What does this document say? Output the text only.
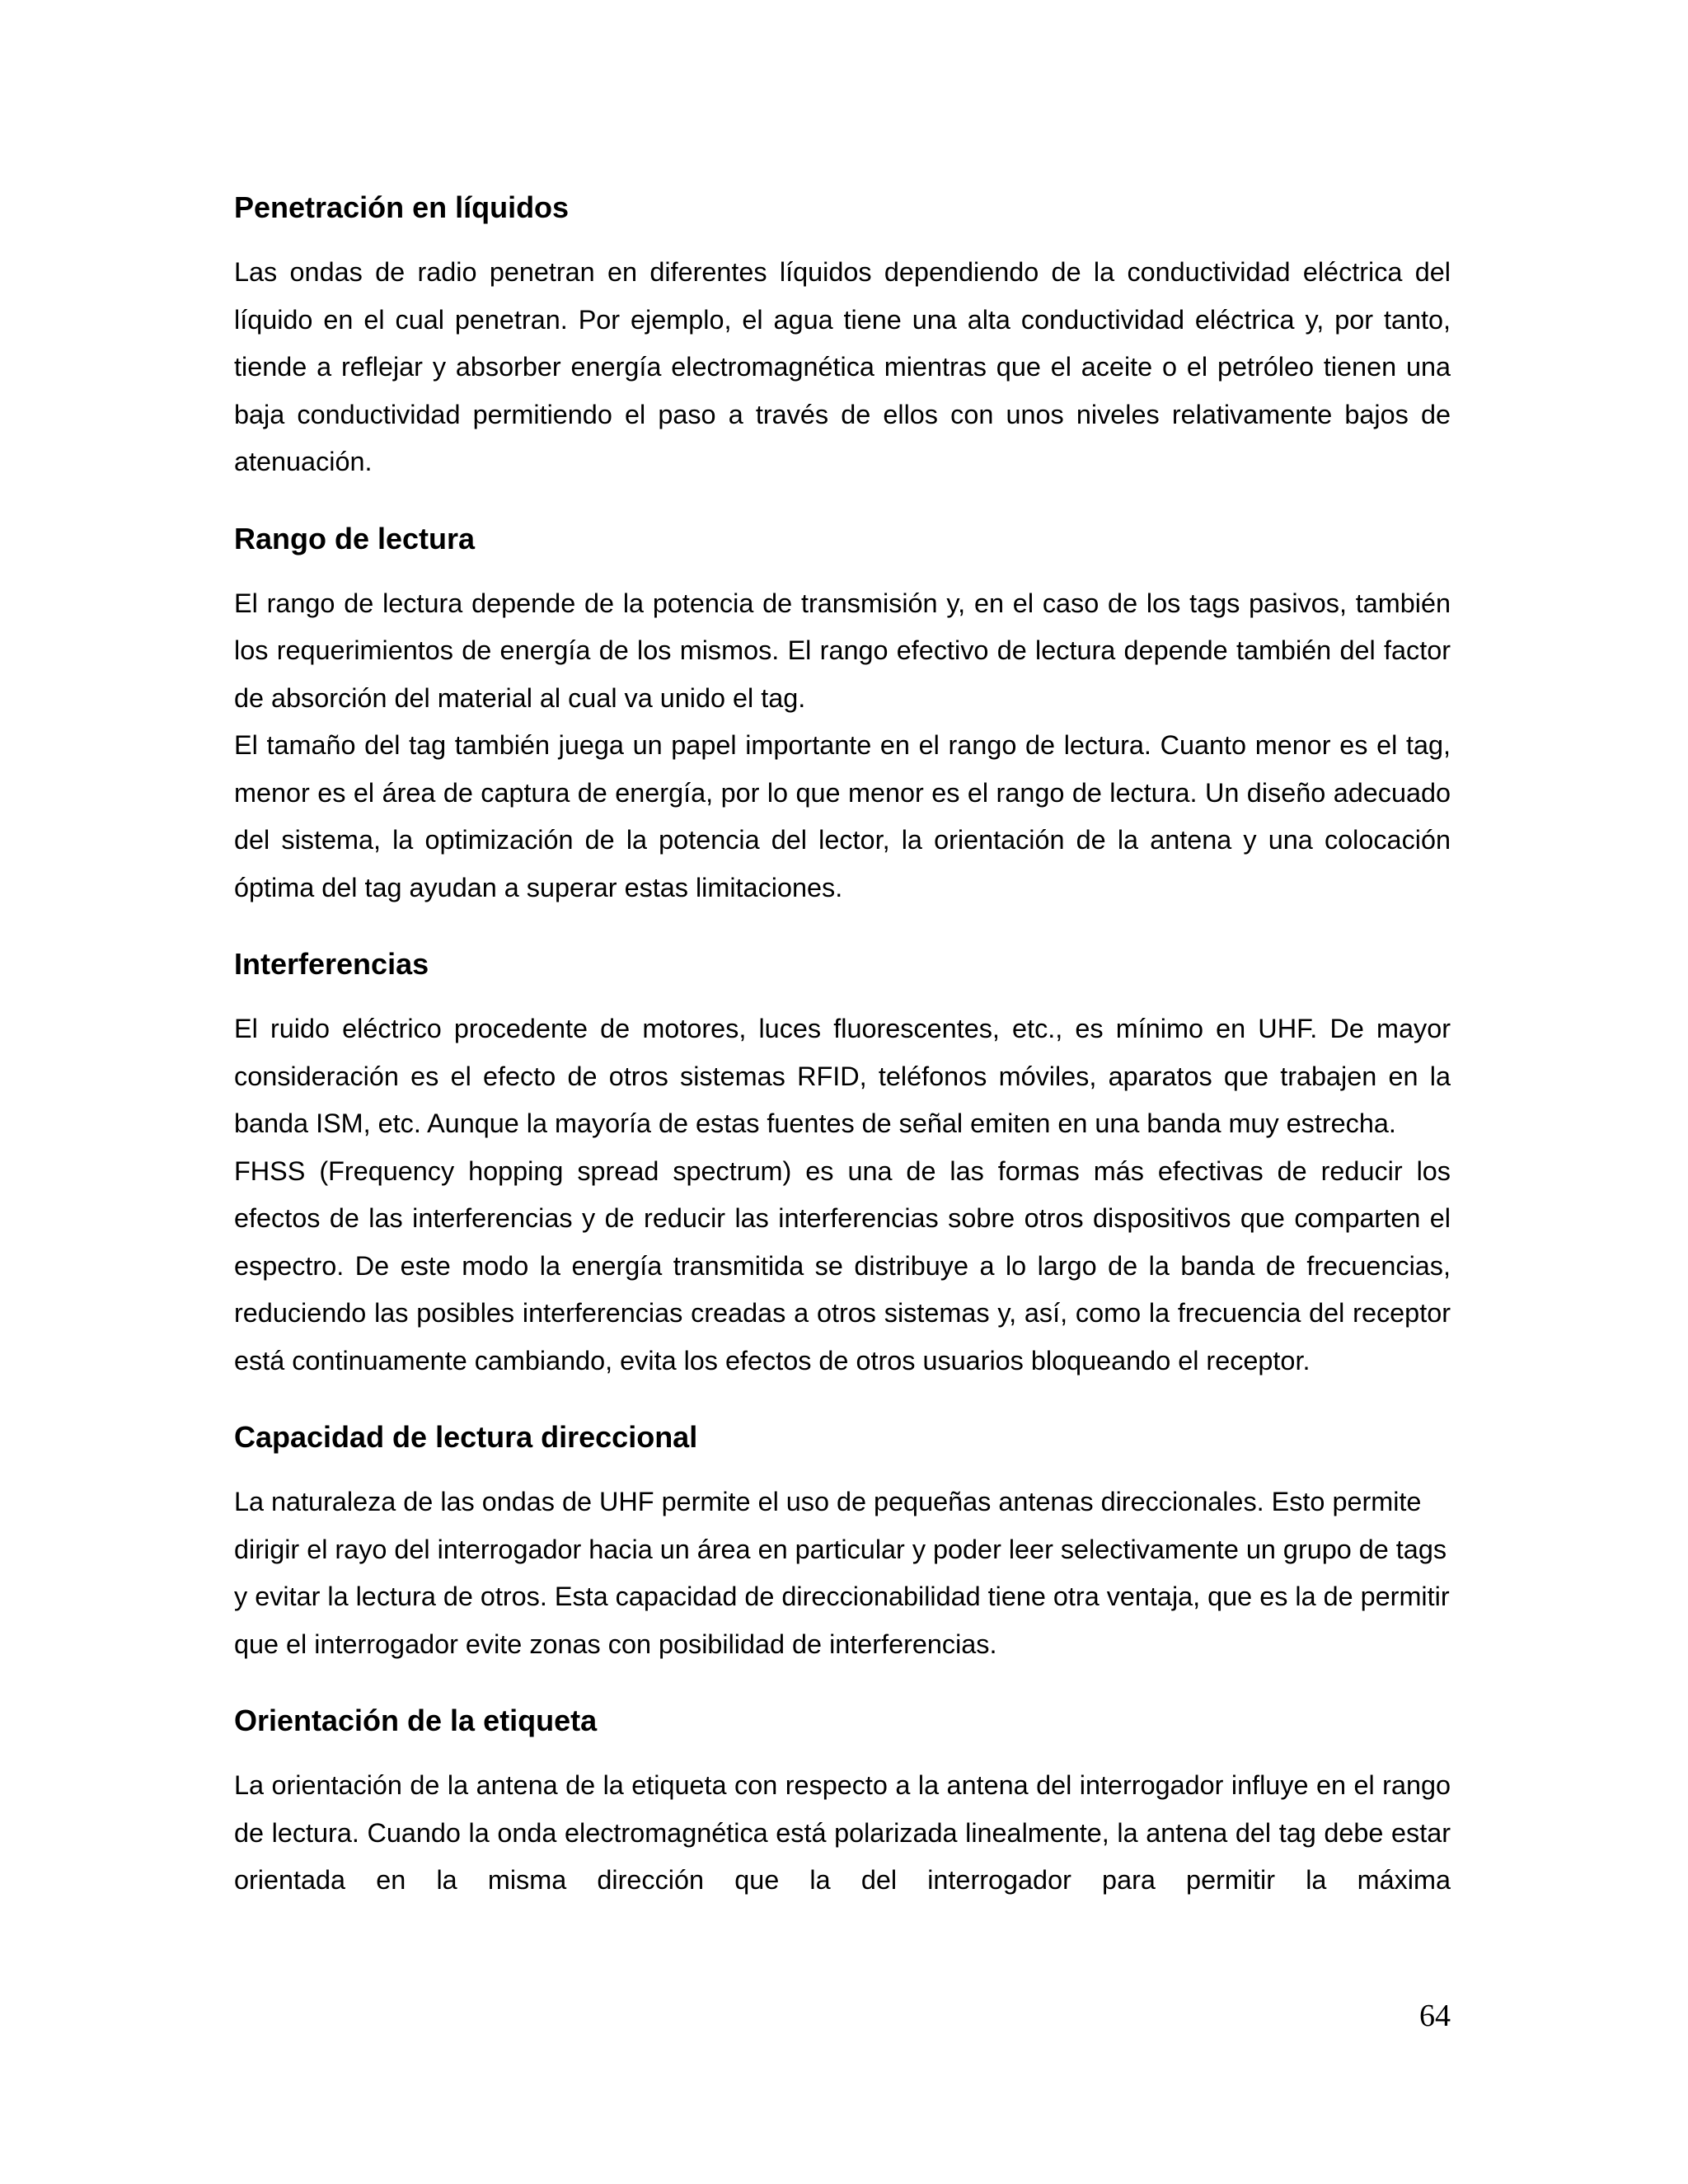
Penetración en líquidos

Las ondas de radio penetran en diferentes líquidos dependiendo de la conductividad eléctrica del líquido en el cual penetran. Por ejemplo, el agua tiene una alta conductividad eléctrica y, por tanto, tiende a reflejar y absorber energía electromagnética mientras que el aceite o el petróleo tienen una baja conductividad permitiendo el paso a través de ellos con unos niveles relativamente bajos de atenuación.

Rango de lectura

El rango de lectura depende de la potencia de transmisión y, en el caso de los tags pasivos, también los requerimientos de energía de los mismos. El rango efectivo de lectura depende también del factor de absorción del material al cual va unido el tag.

El tamaño del tag también juega un papel importante en el rango de lectura. Cuanto menor es el tag, menor es el área de captura de energía, por lo que menor es el rango de lectura. Un diseño adecuado del sistema, la optimización de la potencia del lector, la orientación de la antena y una colocación óptima del tag ayudan a superar estas limitaciones.

Interferencias

El ruido eléctrico procedente de motores, luces fluorescentes, etc., es mínimo en UHF. De mayor consideración es el efecto de otros sistemas RFID, teléfonos móviles, aparatos que trabajen en la banda ISM, etc. Aunque la mayoría de estas fuentes de señal emiten en una banda muy estrecha.

FHSS (Frequency hopping spread spectrum) es una de las formas más efectivas de reducir los efectos de las interferencias y de reducir las interferencias sobre otros dispositivos que comparten el espectro. De este modo la energía transmitida se distribuye a lo largo de la banda de frecuencias, reduciendo las posibles interferencias creadas a otros sistemas y, así, como la frecuencia del receptor está continuamente cambiando, evita los efectos de otros usuarios bloqueando el receptor.

Capacidad de lectura direccional

La naturaleza de las ondas de UHF permite el uso de pequeñas antenas direccionales. Esto permite dirigir el rayo del interrogador hacia un área en particular y poder leer selectivamente un grupo de tags y evitar la lectura de otros. Esta capacidad de direccionabilidad tiene otra ventaja, que es la de permitir que el interrogador evite zonas con posibilidad de interferencias.

Orientación de la etiqueta

La orientación de la antena de la etiqueta con respecto a la antena del interrogador influye en el rango de lectura. Cuando la onda electromagnética está polarizada linealmente, la antena del tag debe estar orientada en la misma dirección que la del interrogador para permitir la máxima

64
